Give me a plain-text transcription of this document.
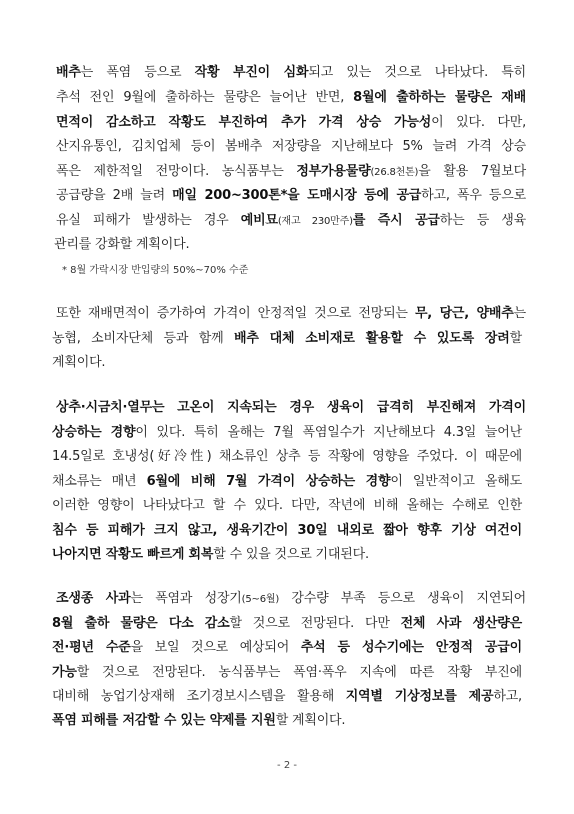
배추는 폭염 등으로 작황 부진이 심화되고 있는 것으로 나타났다. 특히
추석 전인 9월에 출하하는 물량은 늘어난 반면, 8월에 출하하는 물량은 재배
면적이 감소하고 작황도 부진하여 추가 가격 상승 가능성이 있다. 다만,
산지유통인, 김치업체 등이 봄배추 저장량을 지난해보다 5% 늘려 가격 상승
폭은 제한적일 전망이다. 농식품부는 정부가용물량(26.8천톤)을 활용 7월보다
공급량을 2배 늘려 매일 200~300톤*을 도매시장 등에 공급하고, 폭우 등으로
유실 피해가 발생하는 경우 예비묘(재고 230만주)를 즉시 공급하는 등 생육
관리를 강화할 계획이다.
* 8월 가락시장 반입량의 50%~70% 수준
또한 재배면적이 증가하여 가격이 안정적일 것으로 전망되는 무, 당근, 양배추는
농협, 소비자단체 등과 함께 배추 대체 소비재로 활용할 수 있도록 장려할
계획이다.
상추·시금치·열무는 고온이 지속되는 경우 생육이 급격히 부진해져 가격이
상승하는 경향이 있다. 특히 올해는 7월 폭염일수가 지난해보다 4.3일 늘어난
14.5일로 호냉성(好冷性) 채소류인 상추 등 작황에 영향을 주었다. 이 때문에
채소류는 매년 6월에 비해 7월 가격이 상승하는 경향이 일반적이고 올해도
이러한 영향이 나타났다고 할 수 있다. 다만, 작년에 비해 올해는 수해로 인한
침수 등 피해가 크지 않고, 생육기간이 30일 내외로 짧아 향후 기상 여건이
나아지면 작황도 빠르게 회복할 수 있을 것으로 기대된다.
조생종 사과는 폭염과 성장기(5~6월) 강수량 부족 등으로 생육이 지연되어
8월 출하 물량은 다소 감소할 것으로 전망된다. 다만 전체 사과 생산량은
전·평년 수준을 보일 것으로 예상되어 추석 등 성수기에는 안정적 공급이
가능할 것으로 전망된다. 농식품부는 폭염·폭우 지속에 따른 작황 부진에
대비해 농업기상재해 조기경보시스템을 활용해 지역별 기상정보를 제공하고,
폭염 피해를 저감할 수 있는 약제를 지원할 계획이다.
- 2 -
